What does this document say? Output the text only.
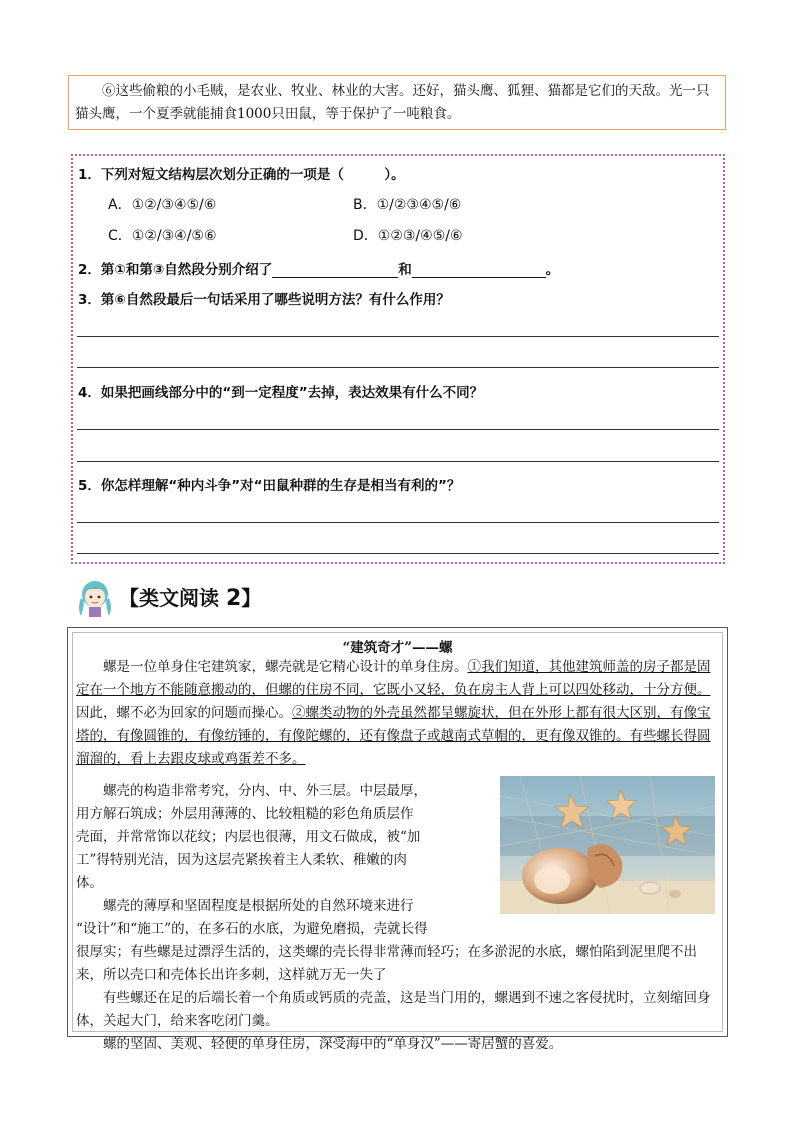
⑥这些偷粮的小毛贼，是农业、牧业、林业的大害。还好，猫头鹰、狐狸、猫都是它们的天敌。光一只猫头鹰，一个夏季就能捕食1000只田鼠，等于保护了一吨粮食。

1．下列对短文结构层次划分正确的一项是（　　　）。
A．①②/③④⑤/⑥	B．①/②③④⑤/⑥
C．①②/③④/⑤⑥	D．①②③/④⑤/⑥
2．第①和第③自然段分别介绍了	和	。
3．第⑥自然段最后一句话采用了哪些说明方法？有什么作用？
4．如果把画线部分中的“到一定程度”去掉，表达效果有什么不同？
5．你怎样理解“种内斗争”对“田鼠种群的生存是相当有利的”？
【类文阅读 2】
“建筑奇才”——螺

螺是一位单身住宅建筑家，螺壳就是它精心设计的单身住房。①我们知道，其他建筑师盖的房子都是固定在一个地方不能随意搬动的，但螺的住房不同，它既小又轻，负在房主人背上可以四处移动，十分方便。因此，螺不必为回家的问题而操心。②螺类动物的外壳虽然都呈螺旋状，但在外形上都有很大区别，有像宝塔的，有像圆锥的，有像纺锤的，有像陀螺的，还有像盘子或越南式草帽的，更有像双锥的。有些螺长得圆溜溜的，看上去跟皮球或鸡蛋差不多。

螺壳的构造非常考究，分内、中、外三层。中层最厚，
用方解石筑成；外层用薄薄的、比较粗糙的彩色角质层作
壳面，并常常饰以花纹；内层也很薄，用文石做成，被“加
工”得特别光洁，因为这层壳紧挨着主人柔软、稚嫩的肉
体。
螺壳的薄厚和坚固程度是根据所处的自然环境来进行
“设计”和“施工”的，在多石的水底，为避免磨损，壳就长得

很厚实；有些螺是过漂浮生活的，这类螺的壳长得非常薄而轻巧；在多淤泥的水底，螺怕陷到泥里爬不出来，所以壳口和壳体长出许多刺，这样就万无一失了

有些螺还在足的后端长着一个角质或钙质的壳盖，这是当门用的，螺遇到不速之客侵扰时，立刻缩回身体，关起大门，给来客吃闭门羹。

螺的坚固、美观、轻便的单身住房，深受海中的“单身汉”——寄居蟹的喜爱。
